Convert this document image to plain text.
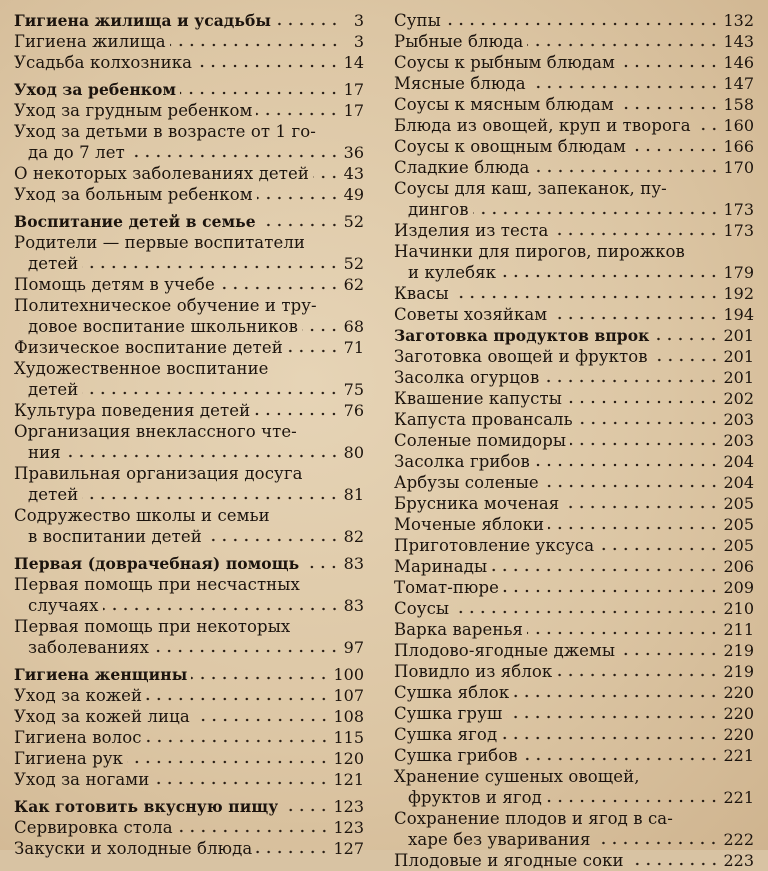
Гигиена жилища и усадьбы	3
Гигиена жилища	3
Усадьба колхозника	14
Уход за ребенком	17
Уход за грудным ребенком	17
Уход за детьми в возрасте от 1 го-
да до 7 лет	36
О некоторых заболеваниях детей 43
Уход за больным ребенком	49
Воспитание детей в семье	52
Родители — первые воспитатели
детей	52
Помощь детям в учебе	62
Политехническое обучение и тру-
довое воспитание школьников	68
Физическое воспитание детей	71
Художественное воспитание
детей	75
Культура поведения детей	76
Организация внеклассного чте-
ния	80
Правильная организация досуга
детей	81
Содружество школы и семьи
в воспитании детей	82
Первая (доврачебная) помощь	83
Первая помощь при несчастных
случаях	83
Первая помощь при некоторых
заболеваниях	97
Гигиена женщины	100
Уход за кожей	107
Уход за кожей лица	108
Гигиена волос	115
Гигиена рук	120
Уход за ногами	121
Как готовить вкусную пищу	123
Сервировка стола	123
Закуски и холодные блюда	127
Супы	132
Рыбные блюда	143
Соусы к рыбным блюдам	146
Мясные блюда	147
Соусы к мясным блюдам	158
Блюда из овощей, круп и творога 160
Соусы к овощным блюдам	166
Сладкие блюда	170
Соусы для каш, запеканок, пу-
дингов	173
Изделия из теста	173
Начинки для пирогов, пирожков
и кулебяк	179
Квасы	192
Советы хозяйкам	194
Заготовка продуктов впрок	201
Заготовка овощей и фруктов	201
Засолка огурцов	201
Квашение капусты	202
Капуста провансаль	203
Соленые помидоры	203
Засолка грибов	204
Арбузы соленые	204
Брусника моченая	205
Моченые яблоки	205
Приготовление уксуса	205
Маринады	206
Томат-пюре	209
Соусы	210
Варка варенья	211
Плодово-ягодные джемы	219
Повидло из яблок	219
Сушка яблок	220
Сушка груш	220
Сушка ягод	220
Сушка грибов	221
Хранение сушеных овощей,
фруктов и ягод	221
Сохранение плодов и ягод в са-
харе без уваривания	222
Плодовые и ягодные соки	223
